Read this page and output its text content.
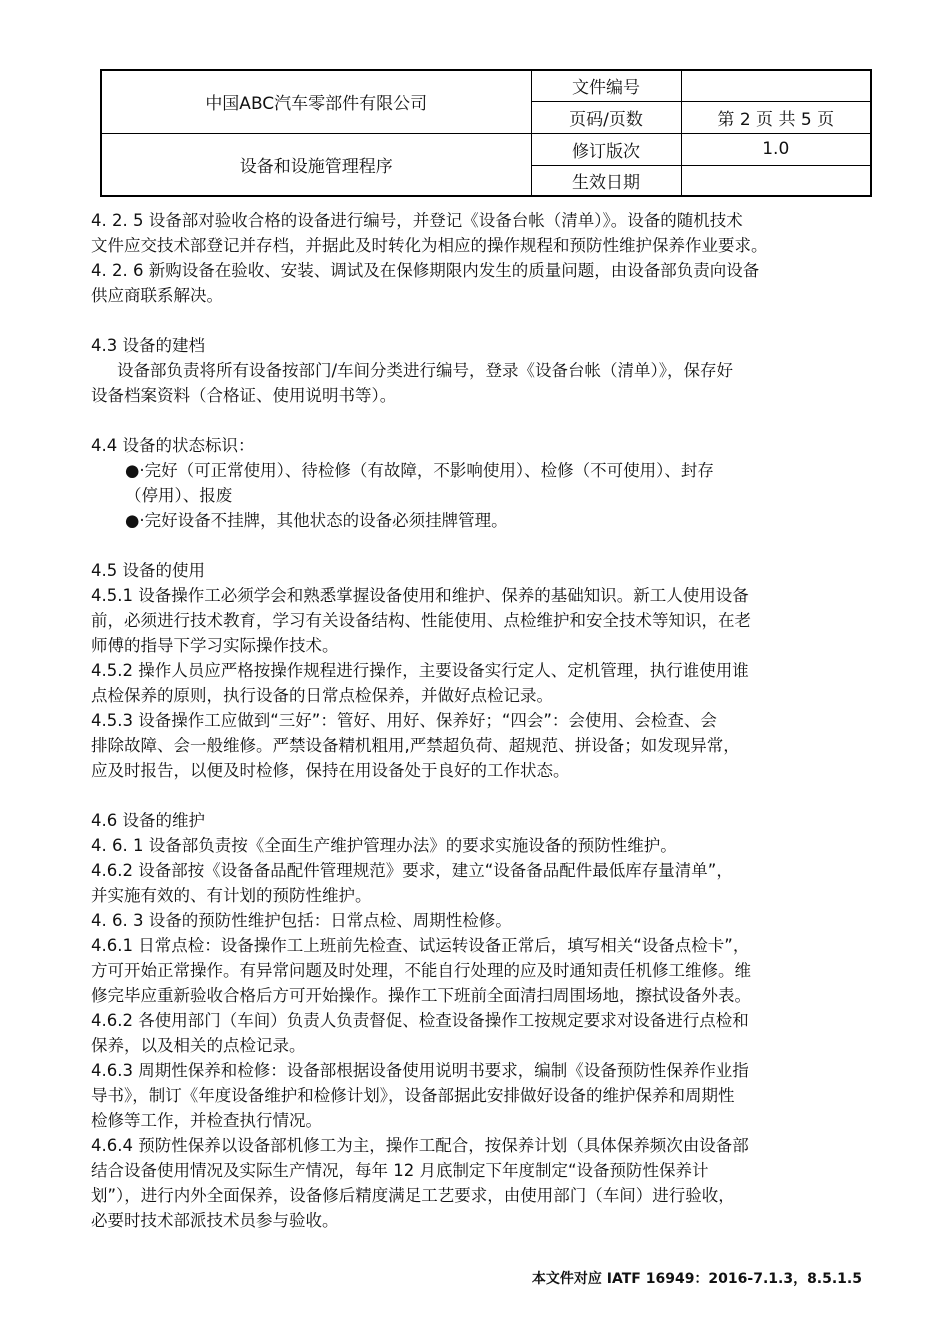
中国ABC汽车零部件有限公司	文件编号	
	页码/页数	第 2 页 共 5 页
设备和设施管理程序	修订版次	1.0
	生效日期	

4. 2. 5 设备部对验收合格的设备进行编号，并登记《设备台帐（清单）》。设备的随机技术

文件应交技术部登记并存档，并据此及时转化为相应的操作规程和预防性维护保养作业要求。

4. 2. 6 新购设备在验收、安装、调试及在保修期限内发生的质量问题，由设备部负责向设备

供应商联系解决。

4.3 设备的建档

设备部负责将所有设备按部门/车间分类进行编号，登录《设备台帐（清单）》，保存好

设备档案资料（合格证、使用说明书等）。

4.4 设备的状态标识：

●·完好（可正常使用）、待检修（有故障，不影响使用）、检修（不可使用）、封存

（停用）、报废

●·完好设备不挂牌，其他状态的设备必须挂牌管理。

4.5 设备的使用

4.5.1 设备操作工必须学会和熟悉掌握设备使用和维护、保养的基础知识。新工人使用设备

前，必须进行技术教育，学习有关设备结构、性能使用、点检维护和安全技术等知识，在老

师傅的指导下学习实际操作技术。

4.5.2 操作人员应严格按操作规程进行操作，主要设备实行定人、定机管理，执行谁使用谁

点检保养的原则，执行设备的日常点检保养，并做好点检记录。

4.5.3 设备操作工应做到“三好”：管好、用好、保养好；“四会”：会使用、会检查、会

排除故障、会一般维修。严禁设备精机粗用,严禁超负荷、超规范、拼设备；如发现异常，

应及时报告，以便及时检修，保持在用设备处于良好的工作状态。

4.6 设备的维护

4. 6. 1 设备部负责按《全面生产维护管理办法》的要求实施设备的预防性维护。

4.6.2 设备部按《设备备品配件管理规范》要求，建立“设备备品配件最低库存量清单”，

并实施有效的、有计划的预防性维护。

4. 6. 3 设备的预防性维护包括：日常点检、周期性检修。

4.6.1 日常点检：设备操作工上班前先检查、试运转设备正常后，填写相关“设备点检卡”，

方可开始正常操作。有异常问题及时处理，不能自行处理的应及时通知责任机修工维修。维

修完毕应重新验收合格后方可开始操作。操作工下班前全面清扫周围场地，擦拭设备外表。

4.6.2 各使用部门（车间）负责人负责督促、检查设备操作工按规定要求对设备进行点检和

保养，以及相关的点检记录。

4.6.3 周期性保养和检修：设备部根据设备使用说明书要求，编制《设备预防性保养作业指

导书》，制订《年度设备维护和检修计划》，设备部据此安排做好设备的维护保养和周期性

检修等工作，并检查执行情况。

4.6.4 预防性保养以设备部机修工为主，操作工配合，按保养计划（具体保养频次由设备部

结合设备使用情况及实际生产情况，每年 12 月底制定下年度制定“设备预防性保养计

划”），进行内外全面保养，设备修后精度满足工艺要求，由使用部门（车间）进行验收，

必要时技术部派技术员参与验收。

本文件对应 IATF 16949：2016-7.1.3，8.5.1.5
